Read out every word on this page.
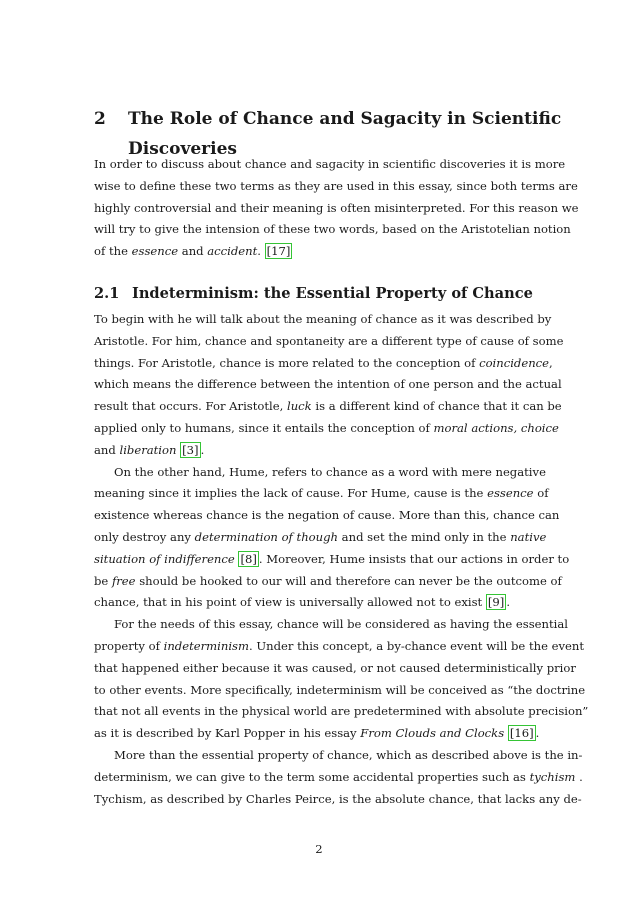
2 The Role of Chance and Sagacity in Scientific Discoveries
In order to discuss about chance and sagacity in scientific discoveries it is more
wise to define these two terms as they are used in this essay, since both terms are
highly controversial and their meaning is often misinterpreted. For this reason we
will try to give the intension of these two words, based on the Aristotelian notion
of the essence and accident. [17]
2.1 Indeterminism: the Essential Property of Chance
To begin with he will talk about the meaning of chance as it was described by
Aristotle. For him, chance and spontaneity are a different type of cause of some
things. For Aristotle, chance is more related to the conception of coincidence,
which means the difference between the intention of one person and the actual
result that occurs. For Aristotle, luck is a different kind of chance that it can be
applied only to humans, since it entails the conception of moral actions, choice
and liberation [3] .
On the other hand, Hume, refers to chance as a word with mere negative
meaning since it implies the lack of cause. For Hume, cause is the essence of
existence whereas chance is the negation of cause. More than this, chance can
only destroy any determination of though and set the mind only in the native
situation of indifference [8] . Moreover, Hume insists that our actions in order to
be free should be hooked to our will and therefore can never be the outcome of
chance, that in his point of view is universally allowed not to exist [9] .
For the needs of this essay, chance will be considered as having the essential
property of indeterminism. Under this concept, a by-chance event will be the event
that happened either because it was caused, or not caused deterministically prior
to other events. More specifically, indeterminism will be conceived as “the doctrine
that not all events in the physical world are predetermined with absolute precision”
as it is described by Karl Popper in his essay From Clouds and Clocks [16] .
More than the essential property of chance, which as described above is the in-
determinism, we can give to the term some accidental properties such as tychism .
Tychism, as described by Charles Peirce, is the absolute chance, that lacks any de-
2
